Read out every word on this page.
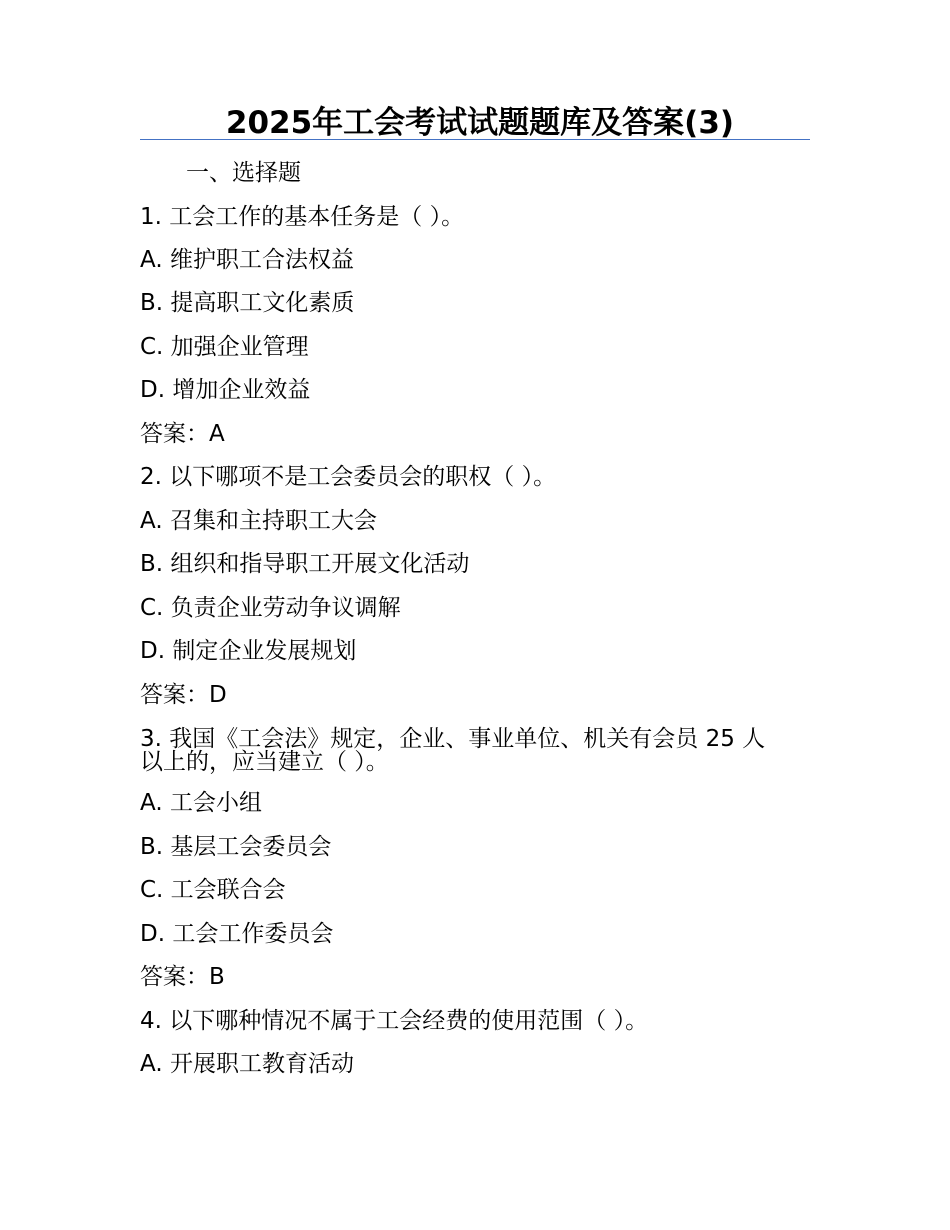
2025年工会考试试题题库及答案(3)
一、选择题
1. 工会工作的基本任务是（ ）。
A. 维护职工合法权益
B. 提高职工文化素质
C. 加强企业管理
D. 增加企业效益
答案：A
2. 以下哪项不是工会委员会的职权（ ）。
A. 召集和主持职工大会
B. 组织和指导职工开展文化活动
C. 负责企业劳动争议调解
D. 制定企业发展规划
答案：D
3. 我国《工会法》规定，企业、事业单位、机关有会员 25 人
以上的，应当建立（ ）。
A. 工会小组
B. 基层工会委员会
C. 工会联合会
D. 工会工作委员会
答案：B
4. 以下哪种情况不属于工会经费的使用范围（ ）。
A. 开展职工教育活动
